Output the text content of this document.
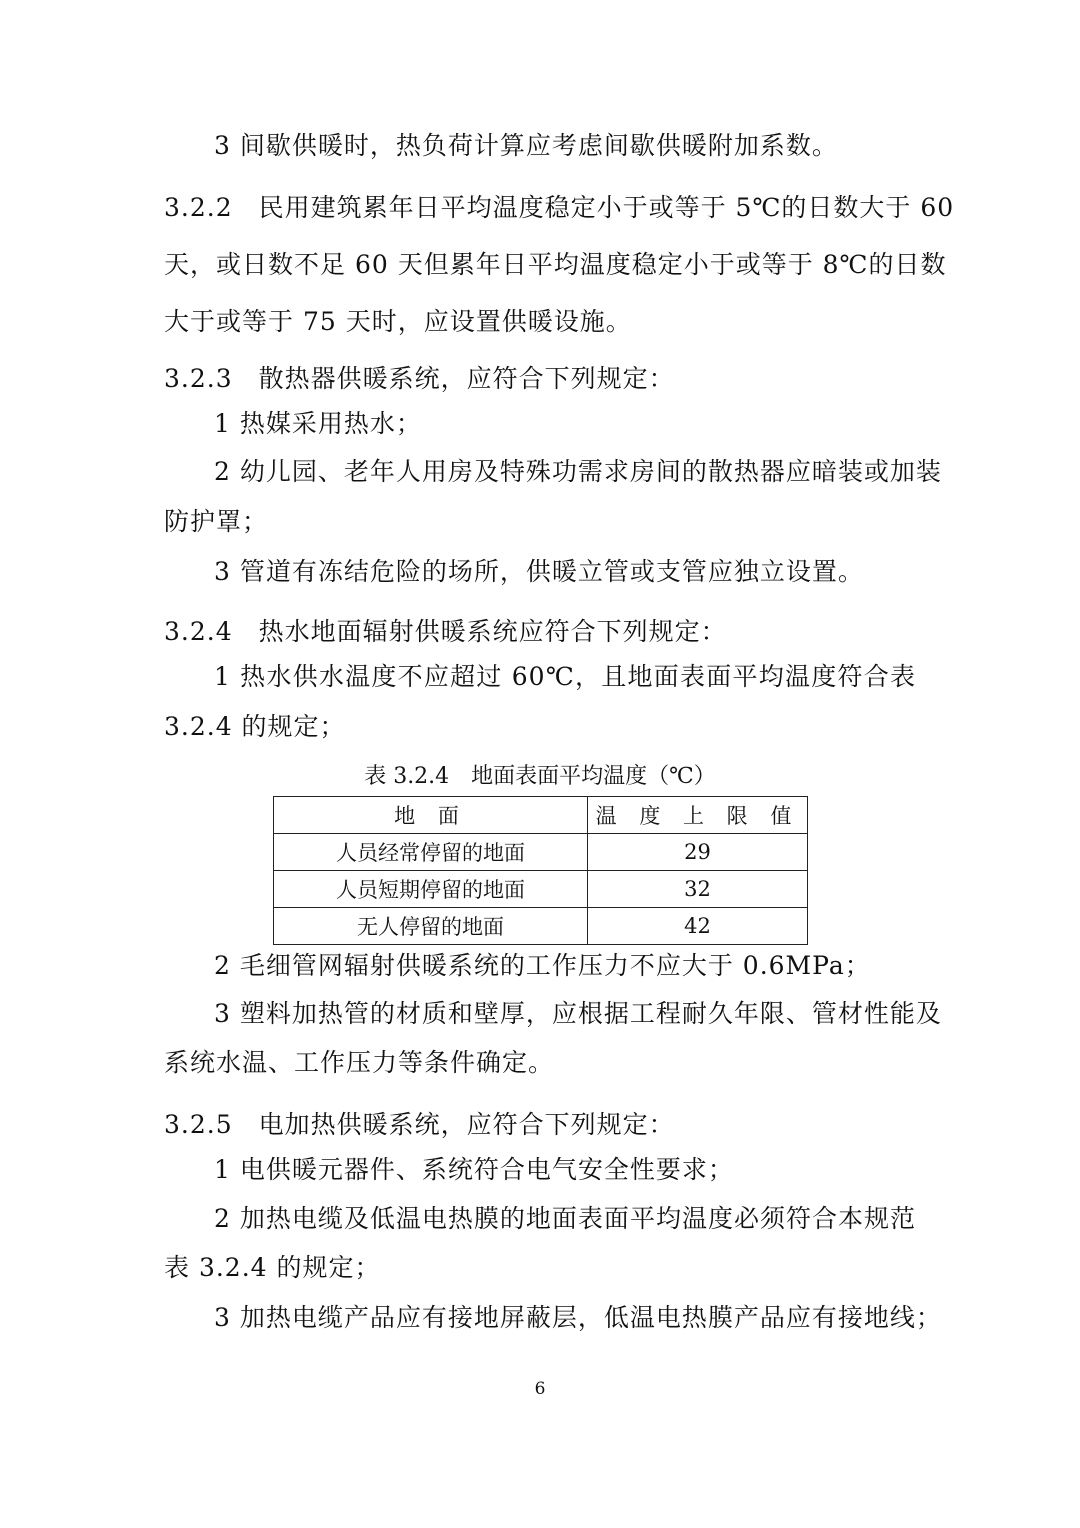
3 间歇供暖时，热负荷计算应考虑间歇供暖附加系数。
3.2.2　民用建筑累年日平均温度稳定小于或等于 5℃的日数大于 60
天，或日数不足 60 天但累年日平均温度稳定小于或等于 8℃的日数
大于或等于 75 天时，应设置供暖设施。
3.2.3　散热器供暖系统，应符合下列规定：
1 热媒采用热水；
2 幼儿园、老年人用房及特殊功需求房间的散热器应暗装或加装
防护罩；
3 管道有冻结危险的场所，供暖立管或支管应独立设置。
3.2.4　热水地面辐射供暖系统应符合下列规定：
1 热水供水温度不应超过 60℃，且地面表面平均温度符合表
3.2.4 的规定；
表 3.2.4　地面表面平均温度（℃）
地 面	温 度 上 限 值
人员经常停留的地面	29
人员短期停留的地面	32
无人停留的地面	42
2 毛细管网辐射供暖系统的工作压力不应大于 0.6MPa；
3 塑料加热管的材质和壁厚，应根据工程耐久年限、管材性能及
系统水温、工作压力等条件确定。
3.2.5　电加热供暖系统，应符合下列规定：
1 电供暖元器件、系统符合电气安全性要求；
2 加热电缆及低温电热膜的地面表面平均温度必须符合本规范
表 3.2.4 的规定；
3 加热电缆产品应有接地屏蔽层，低温电热膜产品应有接地线；
6
